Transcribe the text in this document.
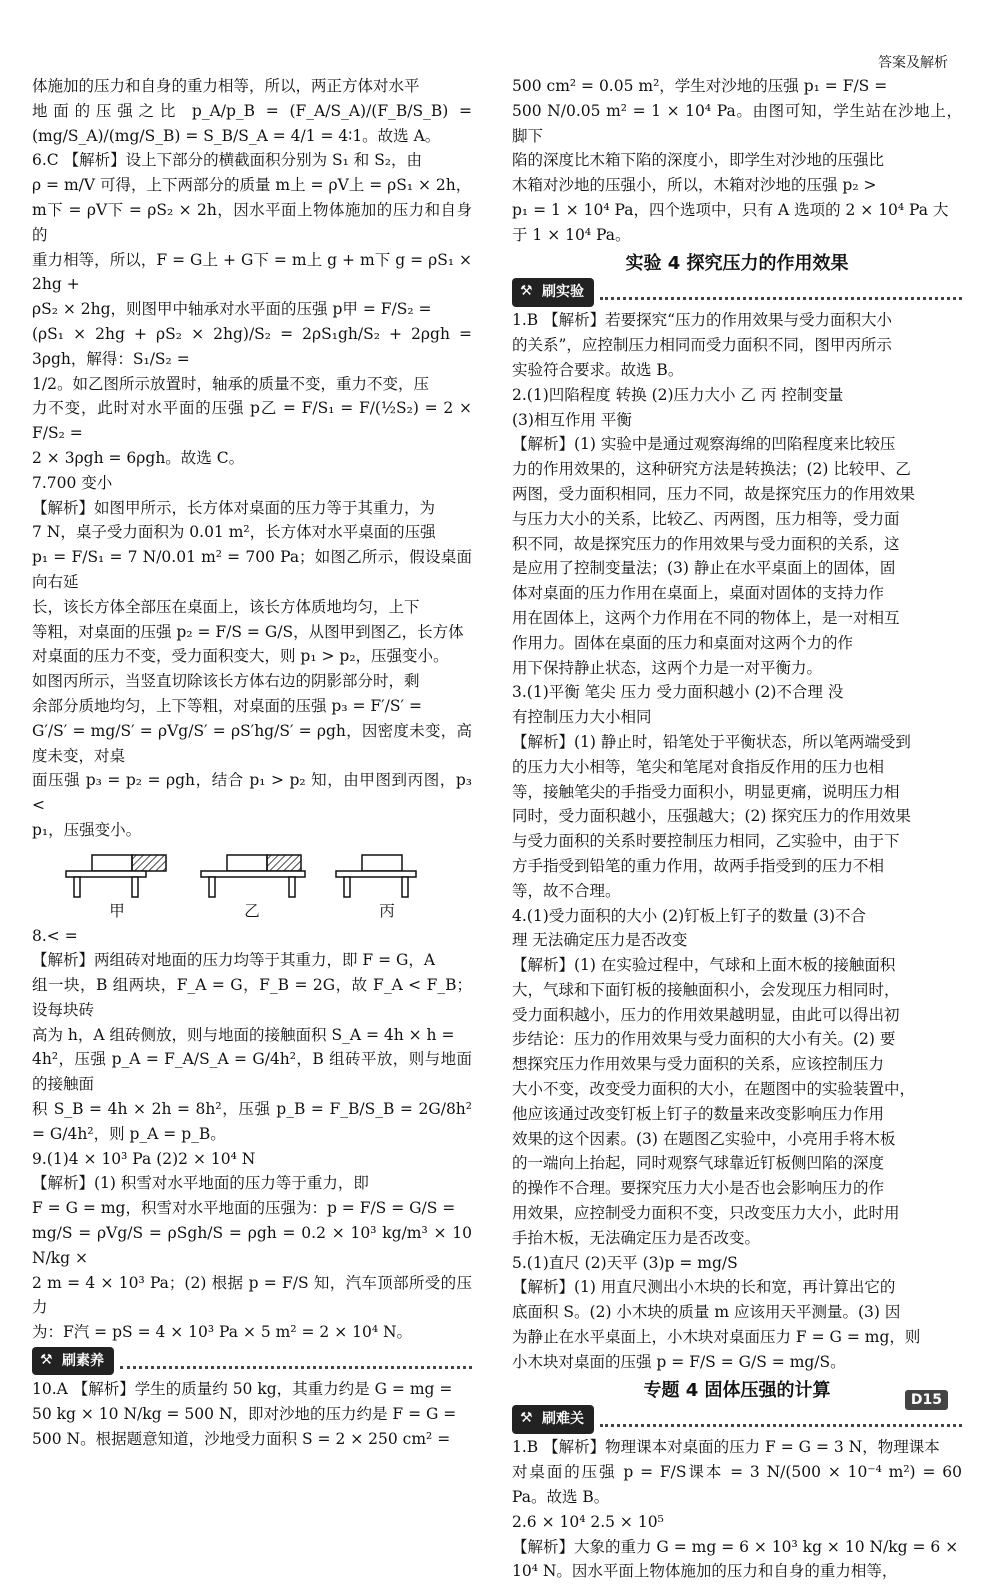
答案及解析

体施加的压力和自身的重力相等，所以，两正方体对水平

地面的压强之比 p_A/p_B = (F_A/S_A)/(F_B/S_B) = (mg/S_A)/(mg/S_B) = S_B/S_A = 4/1 = 4∶1。故选 A。

6.C 【解析】设上下部分的横截面积分别为 S₁ 和 S₂，由

ρ = m/V 可得，上下两部分的质量 m上 = ρV上 = ρS₁ × 2h，

m下 = ρV下 = ρS₂ × 2h，因水平面上物体施加的压力和自身的

重力相等，所以，F = G上 + G下 = m上 g + m下 g = ρS₁ × 2hg +

ρS₂ × 2hg，则图甲中轴承对水平面的压强 p甲 = F/S₂ =

(ρS₁ × 2hg + ρS₂ × 2hg)/S₂ = 2ρS₁gh/S₂ + 2ρgh = 3ρgh，解得：S₁/S₂ =

1/2。如乙图所示放置时，轴承的质量不变，重力不变，压

力不变，此时对水平面的压强 p乙 = F/S₁ = F/(½S₂) = 2 × F/S₂ =

2 × 3ρgh = 6ρgh。故选 C。

7.700 变小

【解析】如图甲所示，长方体对桌面的压力等于其重力，为

7 N，桌子受力面积为 0.01 m²，长方体对水平桌面的压强

p₁ = F/S₁ = 7 N/0.01 m² = 700 Pa；如图乙所示，假设桌面向右延

长，该长方体全部压在桌面上，该长方体质地均匀，上下

等粗，对桌面的压强 p₂ = F/S = G/S，从图甲到图乙，长方体

对桌面的压力不变，受力面积变大，则 p₁ > p₂，压强变小。

如图丙所示，当竖直切除该长方体右边的阴影部分时，剩

余部分质地均匀，上下等粗，对桌面的压强 p₃ = F′/S′ =

G′/S′ = mg/S′ = ρVg/S′ = ρS′hg/S′ = ρgh，因密度未变，高度未变，对桌

面压强 p₃ = p₂ = ρgh，结合 p₁ > p₂ 知，由甲图到丙图，p₃ <

p₁，压强变小。

甲	乙	丙

8.< =

【解析】两组砖对地面的压力均等于其重力，即 F = G，A

组一块，B 组两块，F_A = G，F_B = 2G，故 F_A < F_B；设每块砖

高为 h，A 组砖侧放，则与地面的接触面积 S_A = 4h × h =

4h²，压强 p_A = F_A/S_A = G/4h²，B 组砖平放，则与地面的接触面

积 S_B = 4h × 2h = 8h²，压强 p_B = F_B/S_B = 2G/8h² = G/4h²，则 p_A = p_B。

9.(1)4 × 10³ Pa (2)2 × 10⁴ N

【解析】(1) 积雪对水平地面的压力等于重力，即

F = G = mg，积雪对水平地面的压强为：p = F/S = G/S =

mg/S = ρVg/S = ρSgh/S = ρgh = 0.2 × 10³ kg/m³ × 10 N/kg ×

2 m = 4 × 10³ Pa；(2) 根据 p = F/S 知，汽车顶部所受的压力

为：F汽 = pS = 4 × 10³ Pa × 5 m² = 2 × 10⁴ N。

⚒ 刷素养

10.A 【解析】学生的质量约 50 kg，其重力约是 G = mg =

50 kg × 10 N/kg = 500 N，即对沙地的压力约是 F = G =

500 N。根据题意知道，沙地受力面积 S = 2 × 250 cm² =

500 cm² = 0.05 m²，学生对沙地的压强 p₁ = F/S =

500 N/0.05 m² = 1 × 10⁴ Pa。由图可知，学生站在沙地上，脚下

陷的深度比木箱下陷的深度小，即学生对沙地的压强比

木箱对沙地的压强小，所以，木箱对沙地的压强 p₂ >

p₁ = 1 × 10⁴ Pa，四个选项中，只有 A 选项的 2 × 10⁴ Pa 大

于 1 × 10⁴ Pa。

实验 4 探究压力的作用效果
⚒ 刷实验

1.B 【解析】若要探究“压力的作用效果与受力面积大小

的关系”，应控制压力相同而受力面积不同，图甲丙所示

实验符合要求。故选 B。

2.(1)凹陷程度 转换 (2)压力大小 乙 丙 控制变量

(3)相互作用 平衡

【解析】(1) 实验中是通过观察海绵的凹陷程度来比较压

力的作用效果的，这种研究方法是转换法；(2) 比较甲、乙

两图，受力面积相同，压力不同，故是探究压力的作用效果

与压力大小的关系，比较乙、丙两图，压力相等，受力面

积不同，故是探究压力的作用效果与受力面积的关系，这

是应用了控制变量法；(3) 静止在水平桌面上的固体，固

体对桌面的压力作用在桌面上，桌面对固体的支持力作

用在固体上，这两个力作用在不同的物体上，是一对相互

作用力。固体在桌面的压力和桌面对这两个力的作

用下保持静止状态，这两个力是一对平衡力。

3.(1)平衡 笔尖 压力 受力面积越小 (2)不合理 没

有控制压力大小相同

【解析】(1) 静止时，铅笔处于平衡状态，所以笔两端受到

的压力大小相等，笔尖和笔尾对食指反作用的压力也相

等，接触笔尖的手指受力面积小，明显更痛，说明压力相

同时，受力面积越小，压强越大；(2) 探究压力的作用效果

与受力面积的关系时要控制压力相同，乙实验中，由于下

方手指受到铅笔的重力作用，故两手指受到的压力不相

等，故不合理。

4.(1)受力面积的大小 (2)钉板上钉子的数量 (3)不合

理 无法确定压力是否改变

【解析】(1) 在实验过程中，气球和上面木板的接触面积

大，气球和下面钉板的接触面积小，会发现压力相同时，

受力面积越小，压力的作用效果越明显，由此可以得出初

步结论：压力的作用效果与受力面积的大小有关。(2) 要

想探究压力作用效果与受力面积的关系，应该控制压力

大小不变，改变受力面积的大小，在题图中的实验装置中，

他应该通过改变钉板上钉子的数量来改变影响压力作用

效果的这个因素。(3) 在题图乙实验中，小亮用手将木板

的一端向上抬起，同时观察气球靠近钉板侧凹陷的深度

的操作不合理。要探究压力大小是否也会影响压力的作

用效果，应控制受力面积不变，只改变压力大小，此时用

手抬木板，无法确定压力是否改变。

5.(1)直尺 (2)天平 (3)p = mg/S

【解析】(1) 用直尺测出小木块的长和宽，再计算出它的

底面积 S。(2) 小木块的质量 m 应该用天平测量。(3) 因

为静止在水平桌面上，小木块对桌面压力 F = G = mg，则

小木块对桌面的压强 p = F/S = G/S = mg/S。

专题 4 固体压强的计算
⚒ 刷难关

1.B 【解析】物理课本对桌面的压力 F = G = 3 N，物理课本

对桌面的压强 p = F/S课本 = 3 N/(500 × 10⁻⁴ m²) = 60 Pa。故选 B。

2.6 × 10⁴ 2.5 × 10⁵

【解析】大象的重力 G = mg = 6 × 10³ kg × 10 N/kg = 6 ×

10⁴ N。因水平面上物体施加的压力和自身的重力相等，

D15
